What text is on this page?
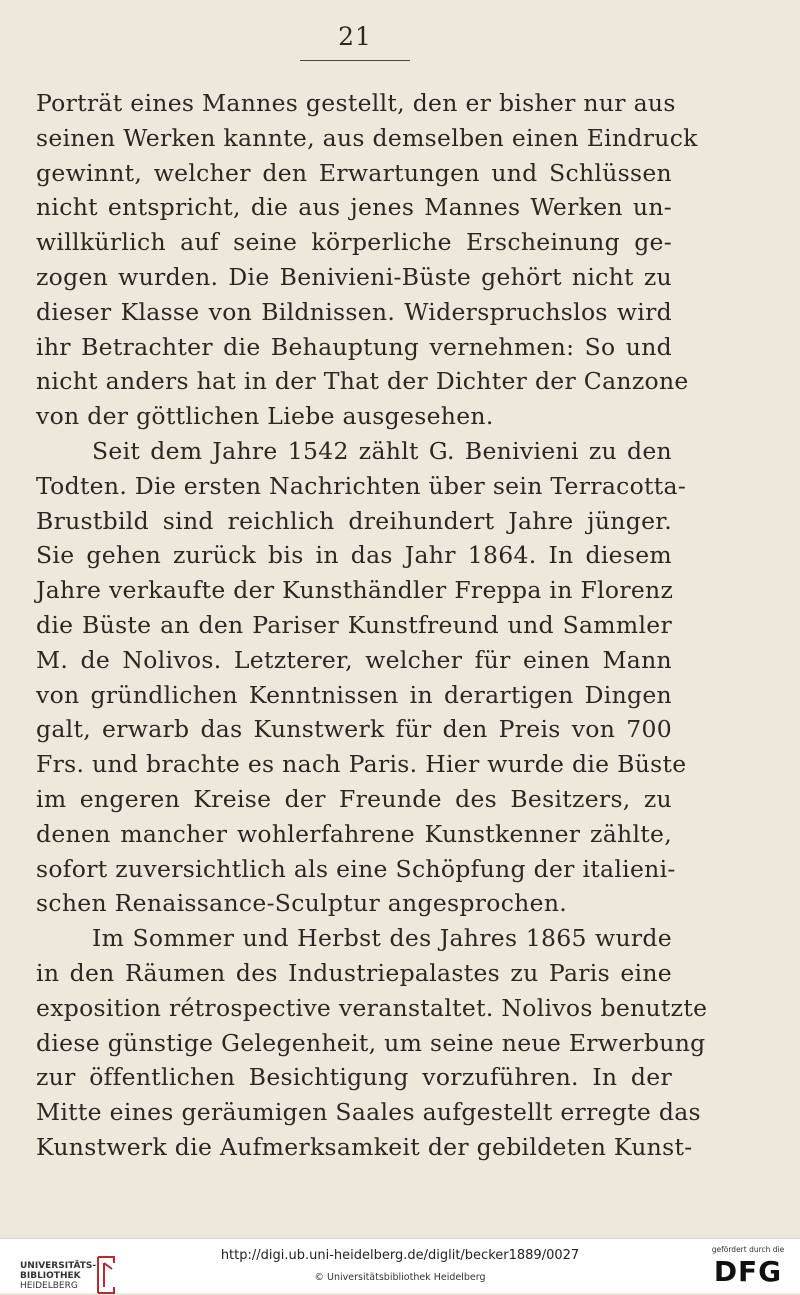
21
Porträt eines Mannes gestellt, den er bisher nur aus
seinen Werken kannte, aus demselben einen Eindruck
gewinnt, welcher den Erwartungen und Schlüssen
nicht entspricht, die aus jenes Mannes Werken un-
willkürlich auf seine körperliche Erscheinung ge-
zogen wurden. Die Benivieni-Büste gehört nicht zu
dieser Klasse von Bildnissen. Widerspruchslos wird
ihr Betrachter die Behauptung vernehmen: So und
nicht anders hat in der That der Dichter der Canzone
von der göttlichen Liebe ausgesehen.
Seit dem Jahre 1542 zählt G. Benivieni zu den
Todten. Die ersten Nachrichten über sein Terracotta-
Brustbild sind reichlich dreihundert Jahre jünger.
Sie gehen zurück bis in das Jahr 1864. In diesem
Jahre verkaufte der Kunsthändler Freppa in Florenz
die Büste an den Pariser Kunstfreund und Sammler
M. de Nolivos. Letzterer, welcher für einen Mann
von gründlichen Kenntnissen in derartigen Dingen
galt, erwarb das Kunstwerk für den Preis von 700
Frs. und brachte es nach Paris. Hier wurde die Büste
im engeren Kreise der Freunde des Besitzers, zu
denen mancher wohlerfahrene Kunstkenner zählte,
sofort zuversichtlich als eine Schöpfung der italieni-
schen Renaissance-Sculptur angesprochen.
Im Sommer und Herbst des Jahres 1865 wurde
in den Räumen des Industriepalastes zu Paris eine
exposition rétrospective veranstaltet. Nolivos benutzte
diese günstige Gelegenheit, um seine neue Erwerbung
zur öffentlichen Besichtigung vorzuführen. In der
Mitte eines geräumigen Saales aufgestellt erregte das
Kunstwerk die Aufmerksamkeit der gebildeten Kunst-
UNIVERSITÄTS-
BIBLIOTHEK
HEIDELBERG
http://digi.ub.uni-heidelberg.de/diglit/becker1889/0027
© Universitätsbibliothek Heidelberg
gefördert durch die
DFG
